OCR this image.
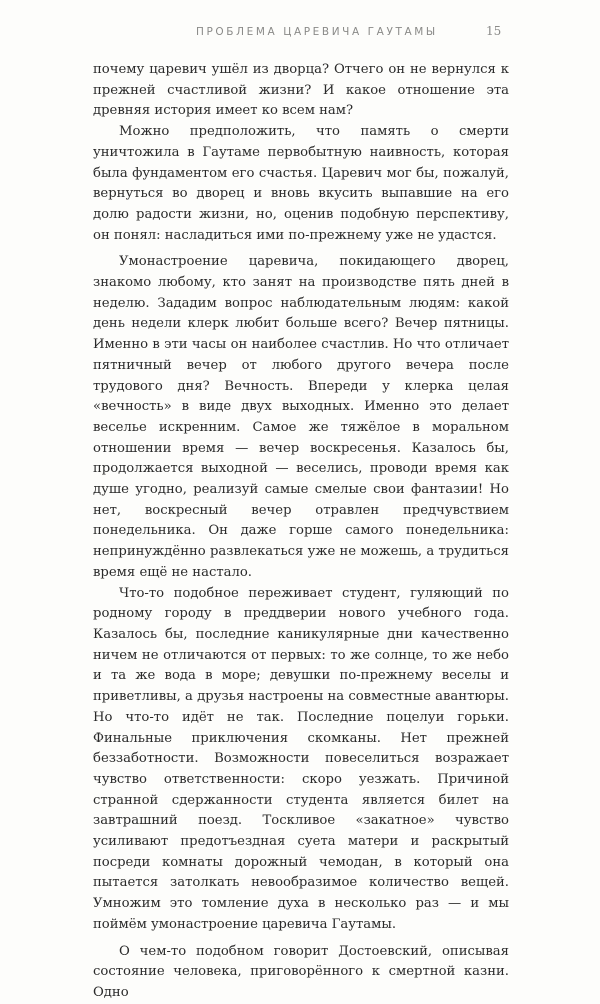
ПРОБЛЕМА ЦАРЕВИЧА ГАУТАМЫ	15

почему царевич ушёл из дворца? Отчего он не вернулся к прежней счастливой жизни? И какое отношение эта древняя история имеет ко всем нам?

Можно предположить, что память о смерти уничтожила в Гаутаме первобытную наивность, которая была фундаментом его счастья. Царевич мог бы, пожалуй, вернуться во дворец и вновь вкусить выпавшие на его долю радости жизни, но, оценив подобную перспективу, он понял: насладиться ими по-прежнему уже не удастся.

Умонастроение царевича, покидающего дворец, знакомо любому, кто занят на производстве пять дней в неделю. Зададим вопрос наблюдательным людям: какой день недели клерк любит больше всего? Вечер пятницы. Именно в эти часы он наиболее счастлив. Но что отличает пятничный вечер от любого другого вечера после трудового дня? Вечность. Впереди у клерка целая «вечность» в виде двух выходных. Именно это делает веселье искренним. Самое же тяжёлое в моральном отношении время — вечер воскресенья. Казалось бы, продолжается выходной — веселись, проводи время как душе угодно, реализуй самые смелые свои фантазии! Но нет, воскресный вечер отравлен предчувствием понедельника. Он даже горше самого понедельника: непринуждённо развлекаться уже не можешь, а трудиться время ещё не настало.

Что-то подобное переживает студент, гуляющий по родному городу в преддверии нового учебного года. Казалось бы, последние каникулярные дни качественно ничем не отличаются от первых: то же солнце, то же небо и та же вода в море; девушки по-прежнему веселы и приветливы, а друзья настроены на совместные авантюры. Но что-то идёт не так. Последние поцелуи горьки. Финальные приключения скомканы. Нет прежней беззаботности. Возможности повеселиться возражает чувство ответственности: скоро уезжать. Причиной странной сдержанности студента является билет на завтрашний поезд. Тоскливое «закатное» чувство усиливают предотъездная суета матери и раскрытый посреди комнаты дорожный чемодан, в который она пытается затолкать невообразимое количество вещей. Умножим это томление духа в несколько раз — и мы поймём умонастроение царевича Гаутамы.

О чем-то подобном говорит Достоевский, описывая состояние человека, приговорённого к смертной казни. Одно
